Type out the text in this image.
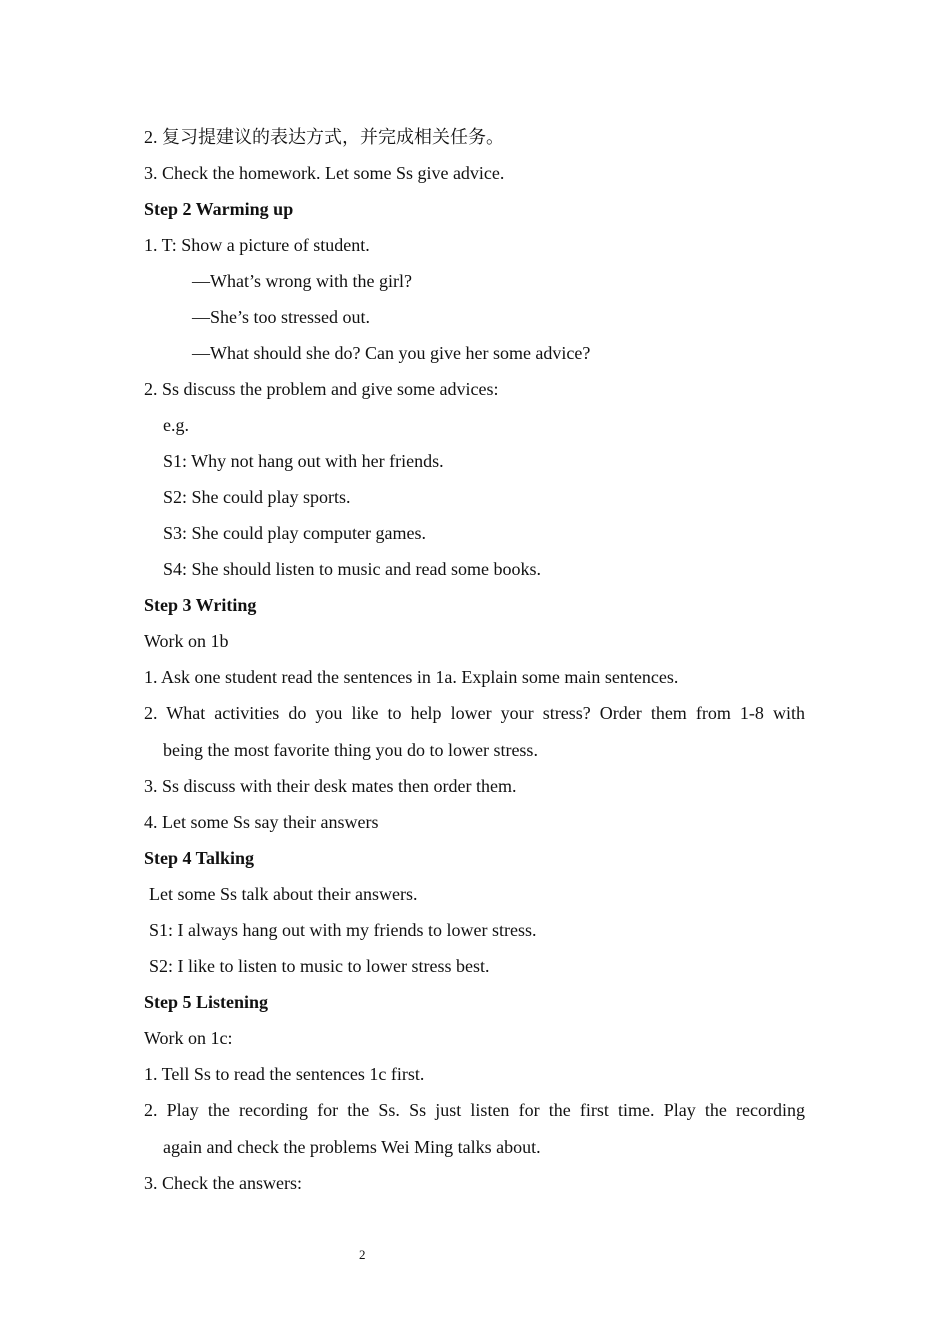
2. 复习提建议的表达方式，并完成相关任务。
3. Check the homework. Let some Ss give advice.
Step 2 Warming up
1. T: Show a picture of student.
—What’s wrong with the girl?
—She’s too stressed out.
—What should she do? Can you give her some advice?
2. Ss discuss the problem and give some advices:
e.g.
S1: Why not hang out with her friends.
S2: She could play sports.
S3: She could play computer games.
S4: She should listen to music and read some books.
Step 3 Writing
Work on 1b
1. Ask one student read the sentences in 1a. Explain some main sentences.
2. What activities do you like to help lower your stress? Order them from 1-8 with
being the most favorite thing you do to lower stress.
3. Ss discuss with their desk mates then order them.
4. Let some Ss say their answers
Step 4 Talking
Let some Ss talk about their answers.
S1: I always hang out with my friends to lower stress.
S2: I like to listen to music to lower stress best.
Step 5 Listening
Work on 1c:
1. Tell Ss to read the sentences 1c first.
2. Play the recording for the Ss. Ss just listen for the first time. Play the recording
again and check the problems Wei Ming talks about.
3. Check the answers:
2
